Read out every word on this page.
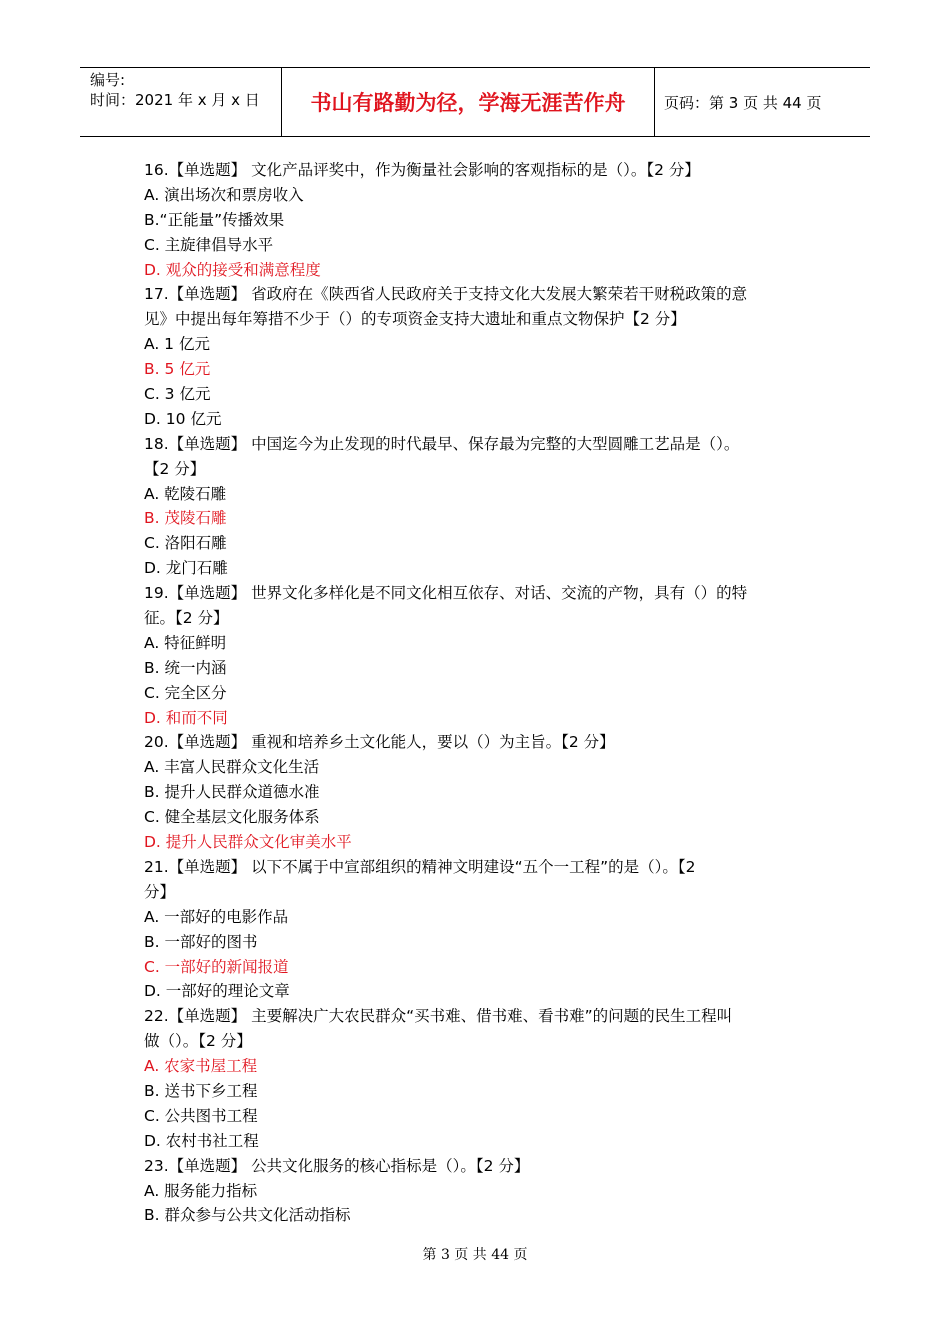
编号:
时间：2021 年 x 月 x 日	书山有路勤为径，学海无涯苦作舟	页码：第 3 页 共 44 页
16.【单选题】 文化产品评奖中，作为衡量社会影响的客观指标的是（）。【2 分】
A. 演出场次和票房收入
B.“正能量”传播效果
C. 主旋律倡导水平
D. 观众的接受和满意程度
17.【单选题】 省政府在《陕西省人民政府关于支持文化大发展大繁荣若干财税政策的意
见》中提出每年筹措不少于（）的专项资金支持大遗址和重点文物保护【2 分】
A. 1 亿元
B. 5 亿元
C. 3 亿元
D. 10 亿元
18.【单选题】 中国迄今为止发现的时代最早、保存最为完整的大型圆雕工艺品是（）。
【2 分】
A. 乾陵石雕
B. 茂陵石雕
C. 洛阳石雕
D. 龙门石雕
19.【单选题】 世界文化多样化是不同文化相互依存、对话、交流的产物，具有（）的特
征。【2 分】
A. 特征鲜明
B. 统一内涵
C. 完全区分
D. 和而不同
20.【单选题】 重视和培养乡土文化能人，要以（）为主旨。【2 分】
A. 丰富人民群众文化生活
B. 提升人民群众道德水准
C. 健全基层文化服务体系
D. 提升人民群众文化审美水平
21.【单选题】 以下不属于中宣部组织的精神文明建设“五个一工程”的是（）。【2
分】
A. 一部好的电影作品
B. 一部好的图书
C. 一部好的新闻报道
D. 一部好的理论文章
22.【单选题】 主要解决广大农民群众“买书难、借书难、看书难”的问题的民生工程叫
做（）。【2 分】
A. 农家书屋工程
B. 送书下乡工程
C. 公共图书工程
D. 农村书社工程
23.【单选题】 公共文化服务的核心指标是（）。【2 分】
A. 服务能力指标
B. 群众参与公共文化活动指标
第 3 页 共 44 页
